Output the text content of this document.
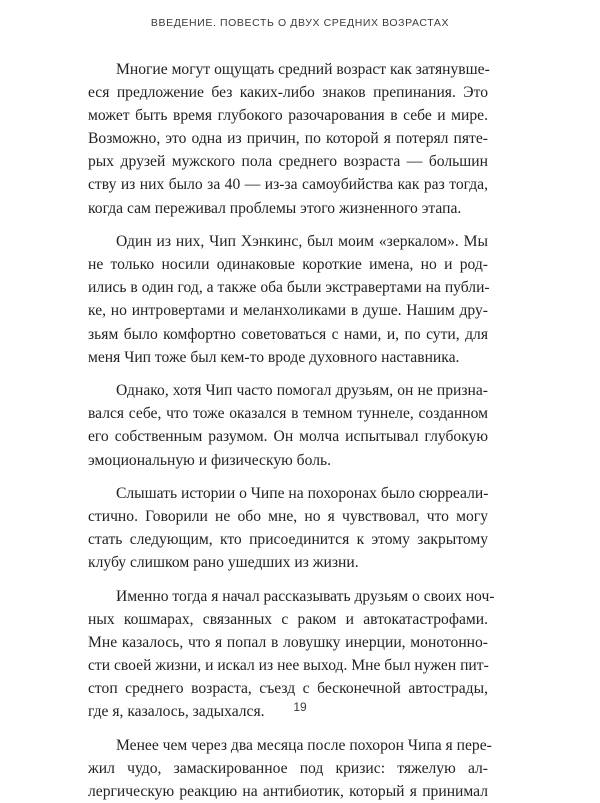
ВВЕДЕНИЕ. ПОВЕСТЬ О ДВУХ СРЕДНИХ ВОЗРАСТАХ

Многие могут ощущать средний возраст как затянувше-
еся предложение без каких-либо знаков препинания. Это
может быть время глубокого разочарования в себе и мире.
Возможно, это одна из причин, по которой я потерял пяте-
рых друзей мужского пола среднего возраста — большин
ству из них было за 40 — из-за самоубийства как раз тогда,
когда сам переживал проблемы этого жизненного этапа.

Один из них, Чип Хэнкинс, был моим «зеркалом». Мы
не только носили одинаковые короткие имена, но и род-
ились в один год, а также оба были экстравертами на публи-
ке, но интровертами и меланхоликами в душе. Нашим дру-
зьям было комфортно советоваться с нами, и, по сути, для
меня Чип тоже был кем-то вроде духовного наставника.

Однако, хотя Чип часто помогал друзьям, он не призна-
вался себе, что тоже оказался в темном туннеле, созданном
его собственным разумом. Он молча испытывал глубокую
эмоциональную и физическую боль.

Слышать истории о Чипе на похоронах было сюрреали-
стично. Говорили не обо мне, но я чувствовал, что могу
стать следующим, кто присоединится к этому закрытому
клубу слишком рано ушедших из жизни.

Именно тогда я начал рассказывать друзьям о своих ноч-
ных кошмарах, связанных с раком и автокатастрофами.
Мне казалось, что я попал в ловушку инерции, монотонно-
сти своей жизни, и искал из нее выход. Мне был нужен пит-
стоп среднего возраста, съезд с бесконечной автострады,
где я, казалось, задыхался.

Менее чем через два месяца после похорон Чипа я пере-
жил чудо, замаскированное под кризис: тяжелую ал-
лергическую реакцию на антибиотик, который я принимал

19
